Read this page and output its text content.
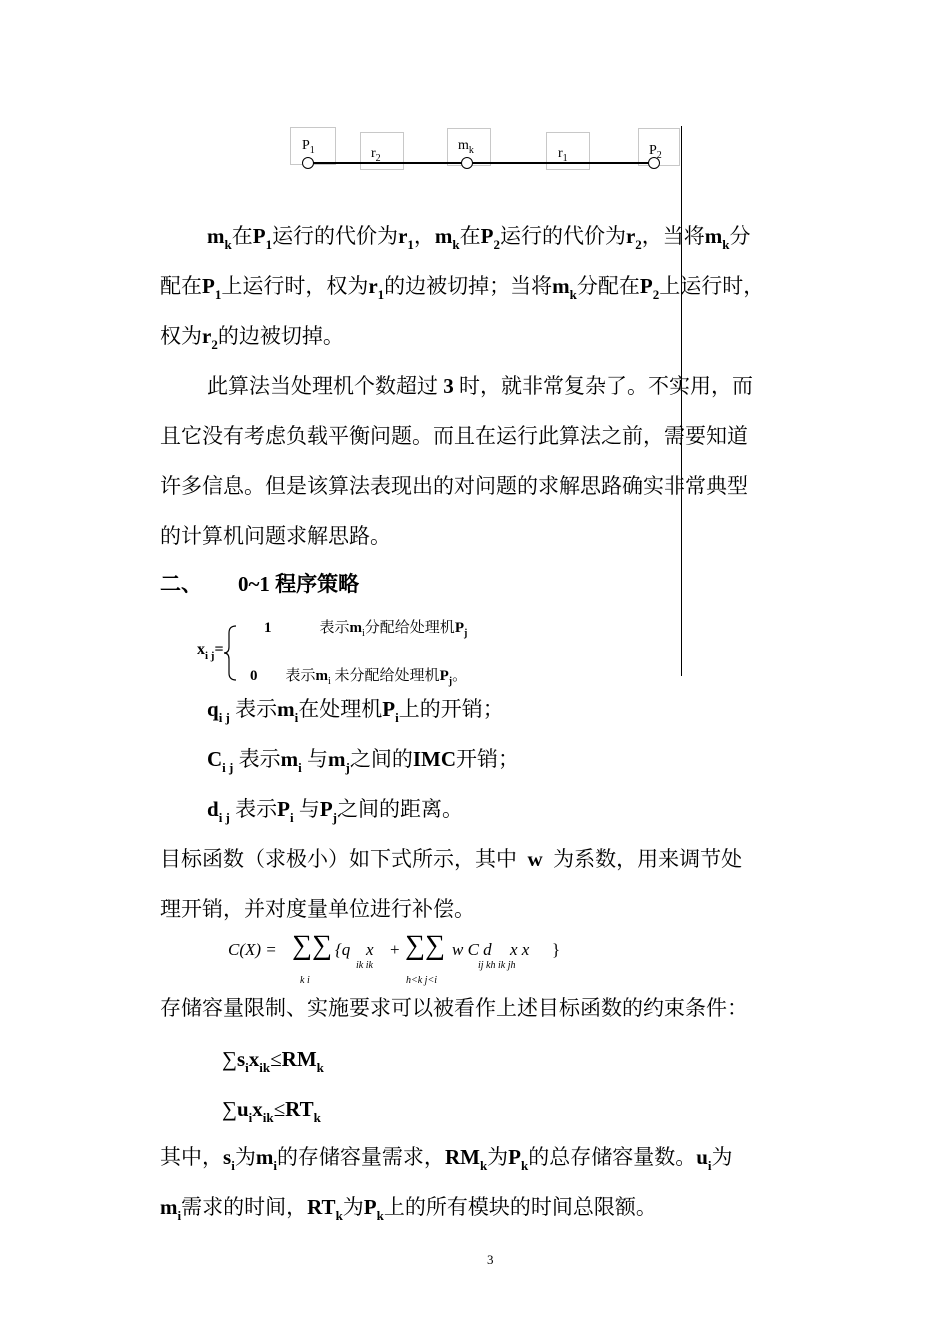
$P_1$	$r_2$
$m_k$	$r_1$
$P_2$
$m_k$在$P_1$运行的代价为$r_1$，$m_k$在$P_2$运行的代价为$r_2$，当将$m_k$分
配在$P_1$上运行时，权为$r_1$的边被切掉；当将$m_k$分配在$P_2$上运行时，
权为$r_2$的边被切掉。
此算法当处理机个数超过 3 时，就非常复杂了。不实用，而
且它没有考虑负载平衡问题。而且在运行此算法之前，需要知道
许多信息。但是该算法表现出的对问题的求解思路确实非常典型
的计算机问题求解思路。
二、 0~1 程序策略
$x_{i j}=$
1	表示$m_i$分配给处理机$P_j$
0 表示$m_i$ 未分配给处理机$P_j$。
$q_{i j}$ 表示$m_i$在处理机$P_i$上的开销；
$C_{i j}$ 表示$m_i$ 与$m_j$之间的IMC开销；
$d_{i j}$ 表示$P_i$ 与$P_j$之间的距离。
目标函数（求极小）如下式所示，其中 w 为系数，用来调节处
理开销，并对度量单位进行补偿。
C(X) = ∑∑ {q x
ik ik
+ ∑∑ w C d x x }
ij kh ik jh
k i	h<k j<i
存储容量限制、实施要求可以被看作上述目标函数的约束条件：
$\sum s_ix_{ik}\le RM_k$
$\sum u_ix_{ik}\le RT_k$
其中，$s_i$为$m_i$的存储容量需求，$RM_k$为$P_k$的总存储容量数。$u_i$为
$m_i$需求的时间，$RT_k$为$P_k$上的所有模块的时间总限额。
3
